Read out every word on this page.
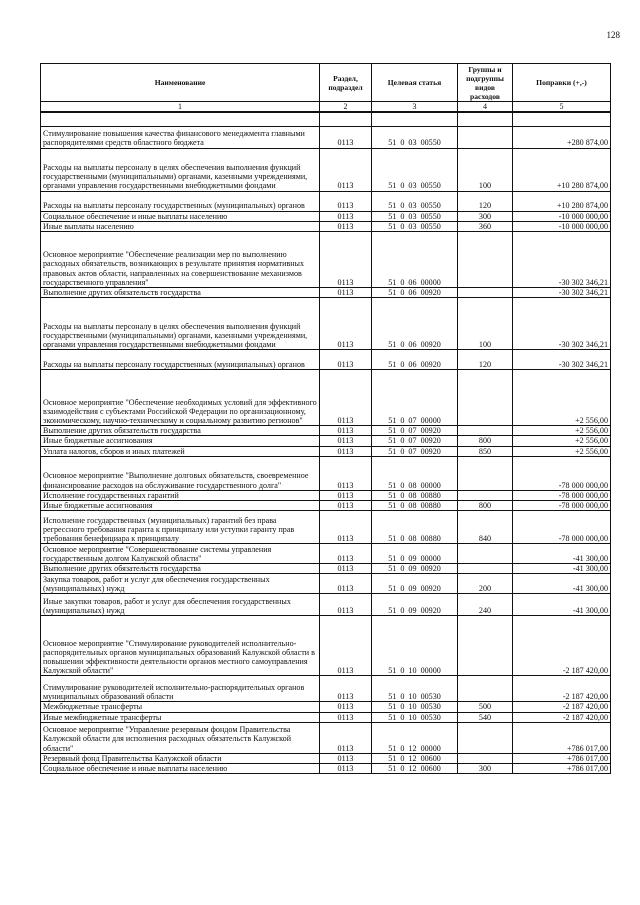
128
Наименование	Раздел, подраздел	Целевая статья	Группы и подгруппы видов расходов	Поправки (+,-)
1	2	3	4	5

Стимулирование повышения качества финансового менеджмента главными распорядителями средств областного бюджета	0113	51  0  03  00550		+280 874,00
Расходы на выплаты персоналу в целях обеспечения выполнения функций государственными (муниципальными) органами, казенными учреждениями, органами управления государственными внебюджетными фондами	0113	51  0  03  00550	100	+10 280 874,00
Расходы на выплаты персоналу государственных (муниципальных) органов	0113	51  0  03  00550	120	+10 280 874,00
Социальное обеспечение и иные выплаты населению	0113	51  0  03  00550	300	-10 000 000,00
Иные выплаты населению	0113	51  0  03  00550	360	-10 000 000,00
Основное мероприятие "Обеспечение реализации мер по выполнению расходных обязательств, возникающих в результате принятия нормативных правовых актов области, направленных на совершенствование механизмов государственного управления"	0113	51  0  06  00000		-30 302 346,21
Выполнение других обязательств государства	0113	51  0  06  00920		-30 302 346,21
Расходы на выплаты персоналу в целях обеспечения выполнения функций государственными (муниципальными) органами, казенными учреждениями, органами управления государственными внебюджетными фондами	0113	51  0  06  00920	100	-30 302 346,21
Расходы на выплаты персоналу государственных (муниципальных) органов	0113	51  0  06  00920	120	-30 302 346,21
Основное мероприятие "Обеспечение необходимых условий для эффективного взаимодействия с субъектами Российской Федерации по организационному, экономическому, научно-техническому и социальному развитию регионов"	0113	51  0  07  00000		+2 556,00
Выполнение других обязательств государства	0113	51  0  07  00920		+2 556,00
Иные бюджетные ассигнования	0113	51  0  07  00920	800	+2 556,00
Уплата налогов, сборов и иных платежей	0113	51  0  07  00920	850	+2 556,00
Основное мероприятие "Выполнение долговых обязательств, своевременное финансирование расходов на обслуживание государственного долга"	0113	51  0  08  00000		-78 000 000,00
Исполнение государственных гарантий	0113	51  0  08  00880		-78 000 000,00
Иные бюджетные ассигнования	0113	51  0  08  00880	800	-78 000 000,00
Исполнение государственных (муниципальных) гарантий без права регрессного требования гаранта к принципалу или уступки гаранту прав требования бенефициара к принципалу	0113	51  0  08  00880	840	-78 000 000,00
Основное мероприятие "Совершенствование системы управления государственным долгом Калужской области"	0113	51  0  09  00000		-41 300,00
Выполнение других обязательств государства	0113	51  0  09  00920		-41 300,00
Закупка товаров, работ и услуг для обеспечения государственных (муниципальных) нужд	0113	51  0  09  00920	200	-41 300,00
Иные закупки товаров, работ и услуг для обеспечения государственных (муниципальных) нужд	0113	51  0  09  00920	240	-41 300,00
Основное мероприятие "Стимулирование руководителей исполнительно-распорядительных органов муниципальных образований Калужской области в повышении эффективности деятельности органов местного самоуправления Калужской области"	0113	51  0  10  00000		-2 187 420,00
Стимулирование руководителей исполнительно-распорядительных органов муниципальных образований области	0113	51  0  10  00530		-2 187 420,00
Межбюджетные трансферты	0113	51  0  10  00530	500	-2 187 420,00
Иные межбюджетные трансферты	0113	51  0  10  00530	540	-2 187 420,00
Основное мероприятие "Управление резервным фондом Правительства Калужской области для исполнения расходных обязательств Калужской области"	0113	51  0  12  00000		+786 017,00
Резервный фонд Правительства Калужской области	0113	51  0  12  00600		+786 017,00
Социальное обеспечение и иные выплаты населению	0113	51  0  12  00600	300	+786 017,00
